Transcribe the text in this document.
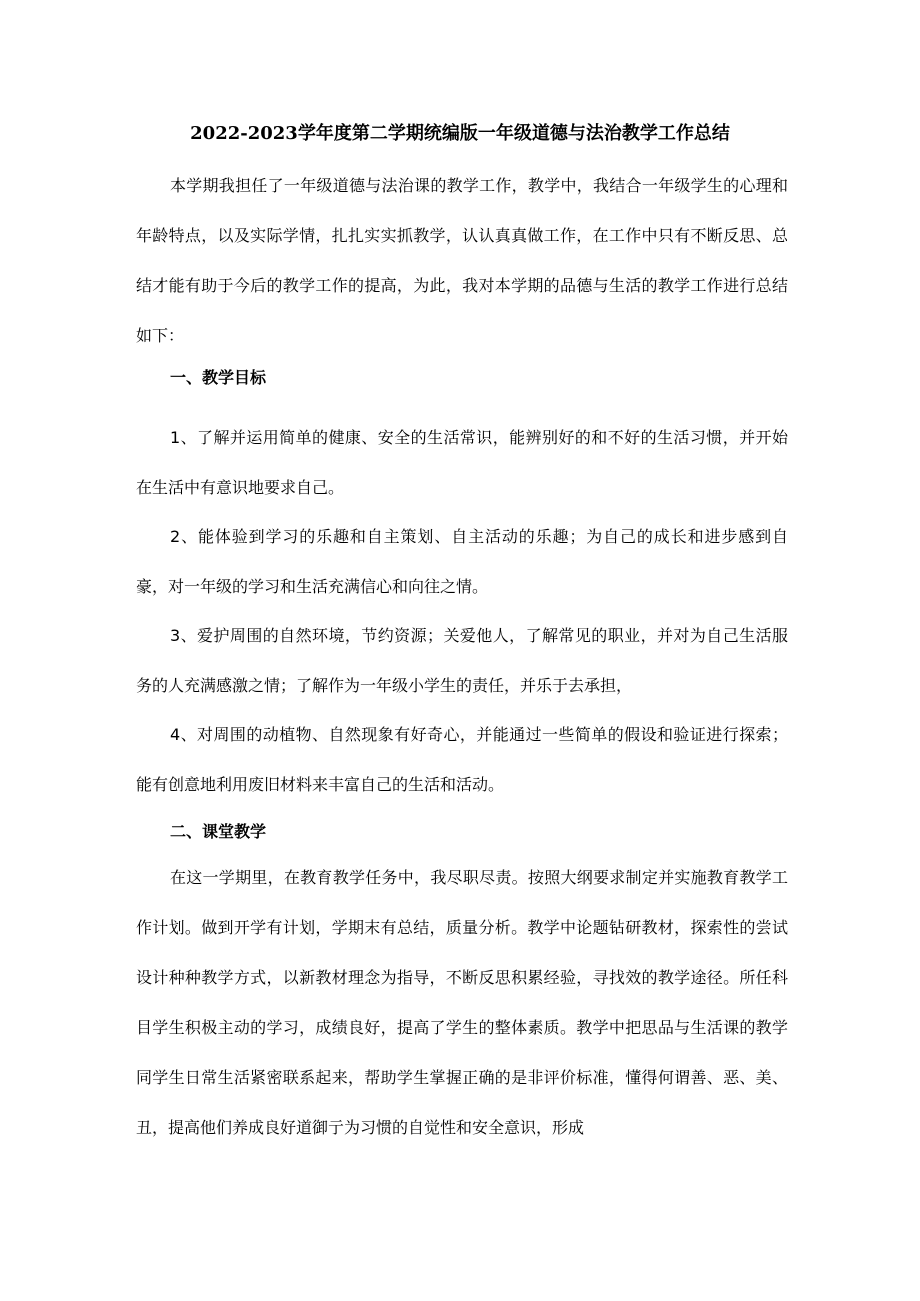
2022-2023学年度第二学期统编版一年级道德与法治教学工作总结

本学期我担任了一年级道德与法治课的教学工作，教学中，我结合一年级学生的心理和年龄特点，以及实际学情，扎扎实实抓教学，认认真真做工作，在工作中只有不断反思、总结才能有助于今后的教学工作的提高，为此，我对本学期的品德与生活的教学工作进行总结如下：

一、教学目标

1、了解并运用简单的健康、安全的生活常识，能辨别好的和不好的生活习惯，并开始在生活中有意识地要求自己。

2、能体验到学习的乐趣和自主策划、自主活动的乐趣；为自己的成长和进步感到自豪，对一年级的学习和生活充满信心和向往之情。

3、爱护周围的自然环境，节约资源；关爱他人，了解常见的职业，并对为自己生活服务的人充满感激之情；了解作为一年级小学生的责任，并乐于去承担，

4、对周围的动植物、自然现象有好奇心，并能通过一些简单的假设和验证进行探索；能有创意地利用废旧材料来丰富自己的生活和活动。

二、课堂教学

在这一学期里，在教育教学任务中，我尽职尽责。按照大纲要求制定并实施教育教学工作计划。做到开学有计划，学期末有总结，质量分析。教学中论题钻研教材，探索性的尝试设计种种教学方式，以新教材理念为指导，不断反思积累经验，寻找效的教学途径。所任科目学生积极主动的学习，成绩良好，提高了学生的整体素质。教学中把思品与生活课的教学同学生日常生活紧密联系起来，帮助学生掌握正确的是非评价标准，懂得何谓善、恶、美、丑，提高他们养成良好道御亍为习惯的自觉性和安全意识，形成
